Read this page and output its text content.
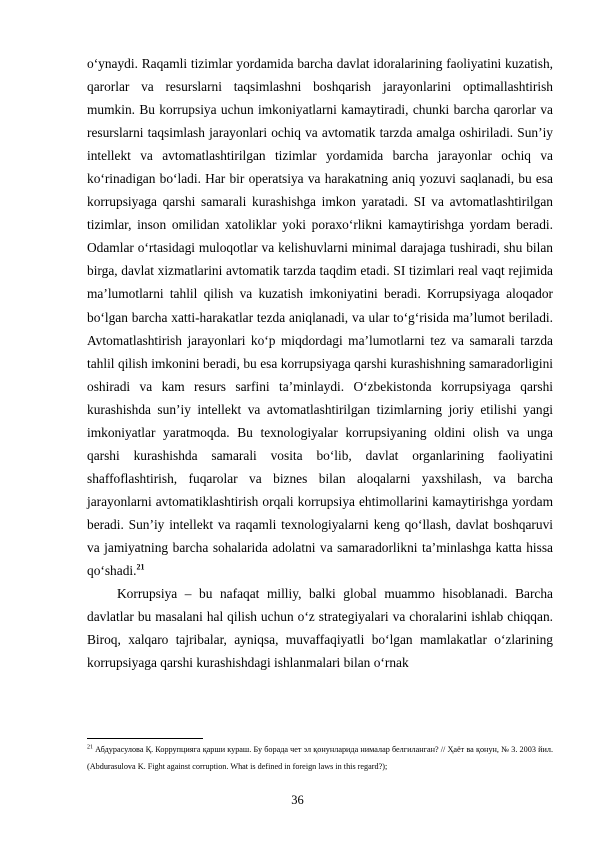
o‘ynaydi. Raqamli tizimlar yordamida barcha davlat idoralarining faoliyatini kuzatish, qarorlar va resurslarni taqsimlashni boshqarish jarayonlarini optimallashtirish mumkin. Bu korrupsiya uchun imkoniyatlarni kamaytiradi, chunki barcha qarorlar va resurslarni taqsimlash jarayonlari ochiq va avtomatik tarzda amalga oshiriladi. Sun’iy intellekt va avtomatlashtirilgan tizimlar yordamida barcha jarayonlar ochiq va ko‘rinadigan bo‘ladi. Har bir operatsiya va harakatning aniq yozuvi saqlanadi, bu esa korrupsiyaga qarshi samarali kurashishga imkon yaratadi. SI va avtomatlashtirilgan tizimlar, inson omilidan xatoliklar yoki poraxo‘rlikni kamaytirishga yordam beradi. Odamlar o‘rtasidagi muloqotlar va kelishuvlarni minimal darajaga tushiradi, shu bilan birga, davlat xizmatlarini avtomatik tarzda taqdim etadi. SI tizimlari real vaqt rejimida ma’lumotlarni tahlil qilish va kuzatish imkoniyatini beradi. Korrupsiyaga aloqador bo‘lgan barcha xatti-harakatlar tezda aniqlanadi, va ular to‘g‘risida ma’lumot beriladi. Avtomatlashtirish jarayonlari ko‘p miqdordagi ma’lumotlarni tez va samarali tarzda tahlil qilish imkonini beradi, bu esa korrupsiyaga qarshi kurashishning samaradorligini oshiradi va kam resurs sarfini ta’minlaydi. O‘zbekistonda korrupsiyaga qarshi kurashishda sun’iy intellekt va avtomatlashtirilgan tizimlarning joriy etilishi yangi imkoniyatlar yaratmoqda. Bu texnologiyalar korrupsiyaning oldini olish va unga qarshi kurashishda samarali vosita bo‘lib, davlat organlarining faoliyatini shaffoflashtirish, fuqarolar va biznes bilan aloqalarni yaxshilash, va barcha jarayonlarni avtomatiklashtirish orqali korrupsiya ehtimollarini kamaytirishga yordam beradi. Sun’iy intellekt va raqamli texnologiyalarni keng qo‘llash, davlat boshqaruvi va jamiyatning barcha sohalarida adolatni va samaradorlikni ta’minlashga katta hissa qo‘shadi.$^{21}$

Korrupsiya – bu nafaqat milliy, balki global muammo hisoblanadi. Barcha davlatlar bu masalani hal qilish uchun o‘z strategiyalari va choralarini ishlab chiqqan. Biroq, xalqaro tajribalar, ayniqsa, muvaffaqiyatli bo‘lgan mamlakatlar o‘zlarining korrupsiyaga qarshi kurashishdagi ishlanmalari bilan o‘rnak

$^{21}$ Абдурасулова Қ. Коррупцияга қарши кураш. Бу борада чет эл қонунларида нималар белгиланган? // Ҳаёт ва қонун, № 3. 2003 йил. (Abdurasulova K. Fight against corruption. What is defined in foreign laws in this regard?);

36
